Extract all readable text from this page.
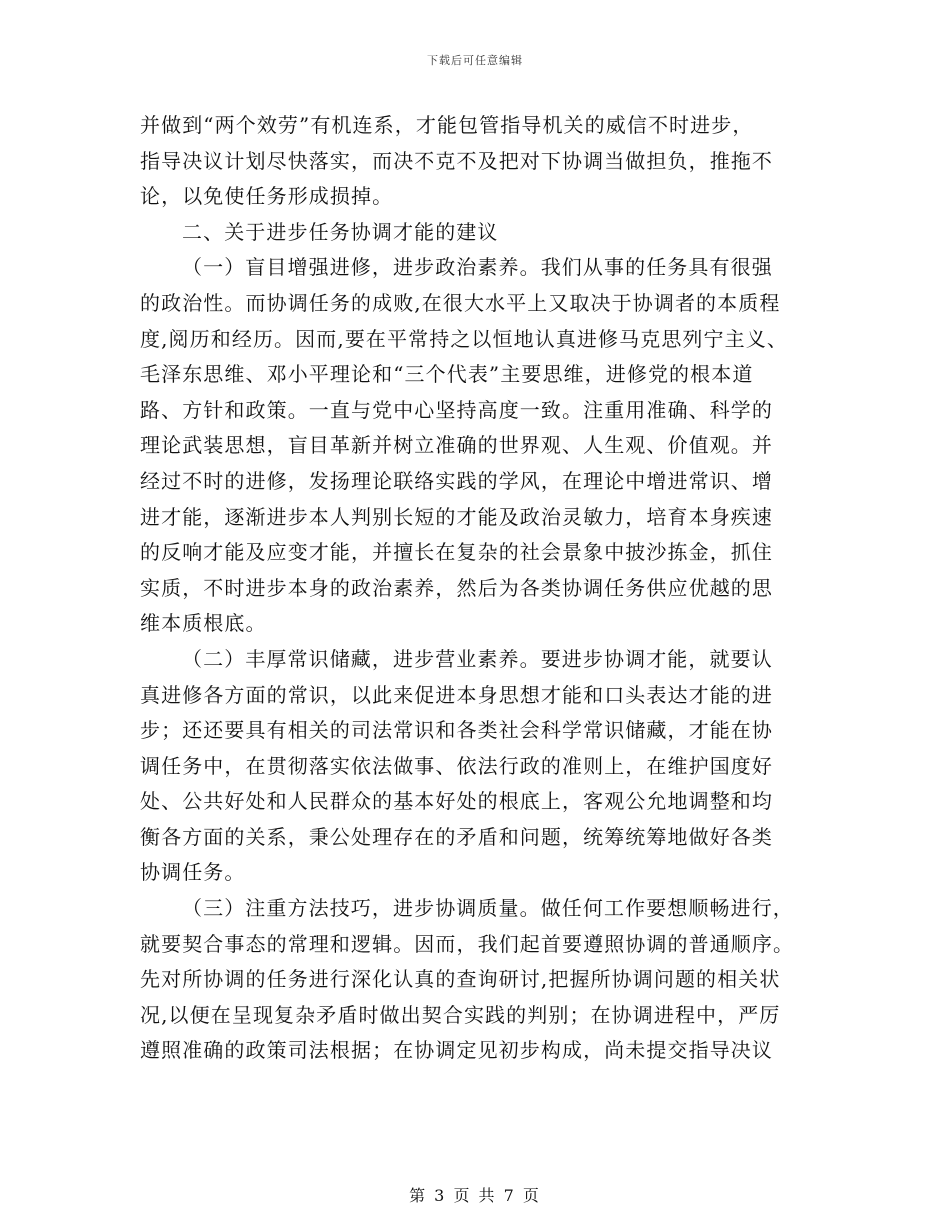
下载后可任意编辑
并做到“两个效劳”有机连系，才能包管指导机关的威信不时进步，
指导决议计划尽快落实，而决不克不及把对下协调当做担负，推拖不
论，以免使任务形成损掉。
二、关于进步任务协调才能的建议
（一）盲目增强进修，进步政治素养。我们从事的任务具有很强
的政治性。而协调任务的成败,在很大水平上又取决于协调者的本质程
度,阅历和经历。因而,要在平常持之以恒地认真进修马克思列宁主义、
毛泽东思维、邓小平理论和“三个代表”主要思维，进修党的根本道
路、方针和政策。一直与党中心坚持高度一致。注重用准确、科学的
理论武装思想，盲目革新并树立准确的世界观、人生观、价值观。并
经过不时的进修，发扬理论联络实践的学风，在理论中增进常识、增
进才能，逐渐进步本人判别长短的才能及政治灵敏力，培育本身疾速
的反响才能及应变才能，并擅长在复杂的社会景象中披沙拣金，抓住
实质，不时进步本身的政治素养，然后为各类协调任务供应优越的思
维本质根底。
（二）丰厚常识储藏，进步营业素养。要进步协调才能，就要认
真进修各方面的常识，以此来促进本身思想才能和口头表达才能的进
步；还还要具有相关的司法常识和各类社会科学常识储藏，才能在协
调任务中，在贯彻落实依法做事、依法行政的准则上，在维护国度好
处、公共好处和人民群众的基本好处的根底上，客观公允地调整和均
衡各方面的关系，秉公处理存在的矛盾和问题，统筹统筹地做好各类
协调任务。
（三）注重方法技巧，进步协调质量。做任何工作要想顺畅进行，
就要契合事态的常理和逻辑。因而，我们起首要遵照协调的普通顺序。
先对所协调的任务进行深化认真的查询研讨,把握所协调问题的相关状
况,以便在呈现复杂矛盾时做出契合实践的判别；在协调进程中，严厉
遵照准确的政策司法根据；在协调定见初步构成，尚未提交指导决议
第 3 页 共 7 页
